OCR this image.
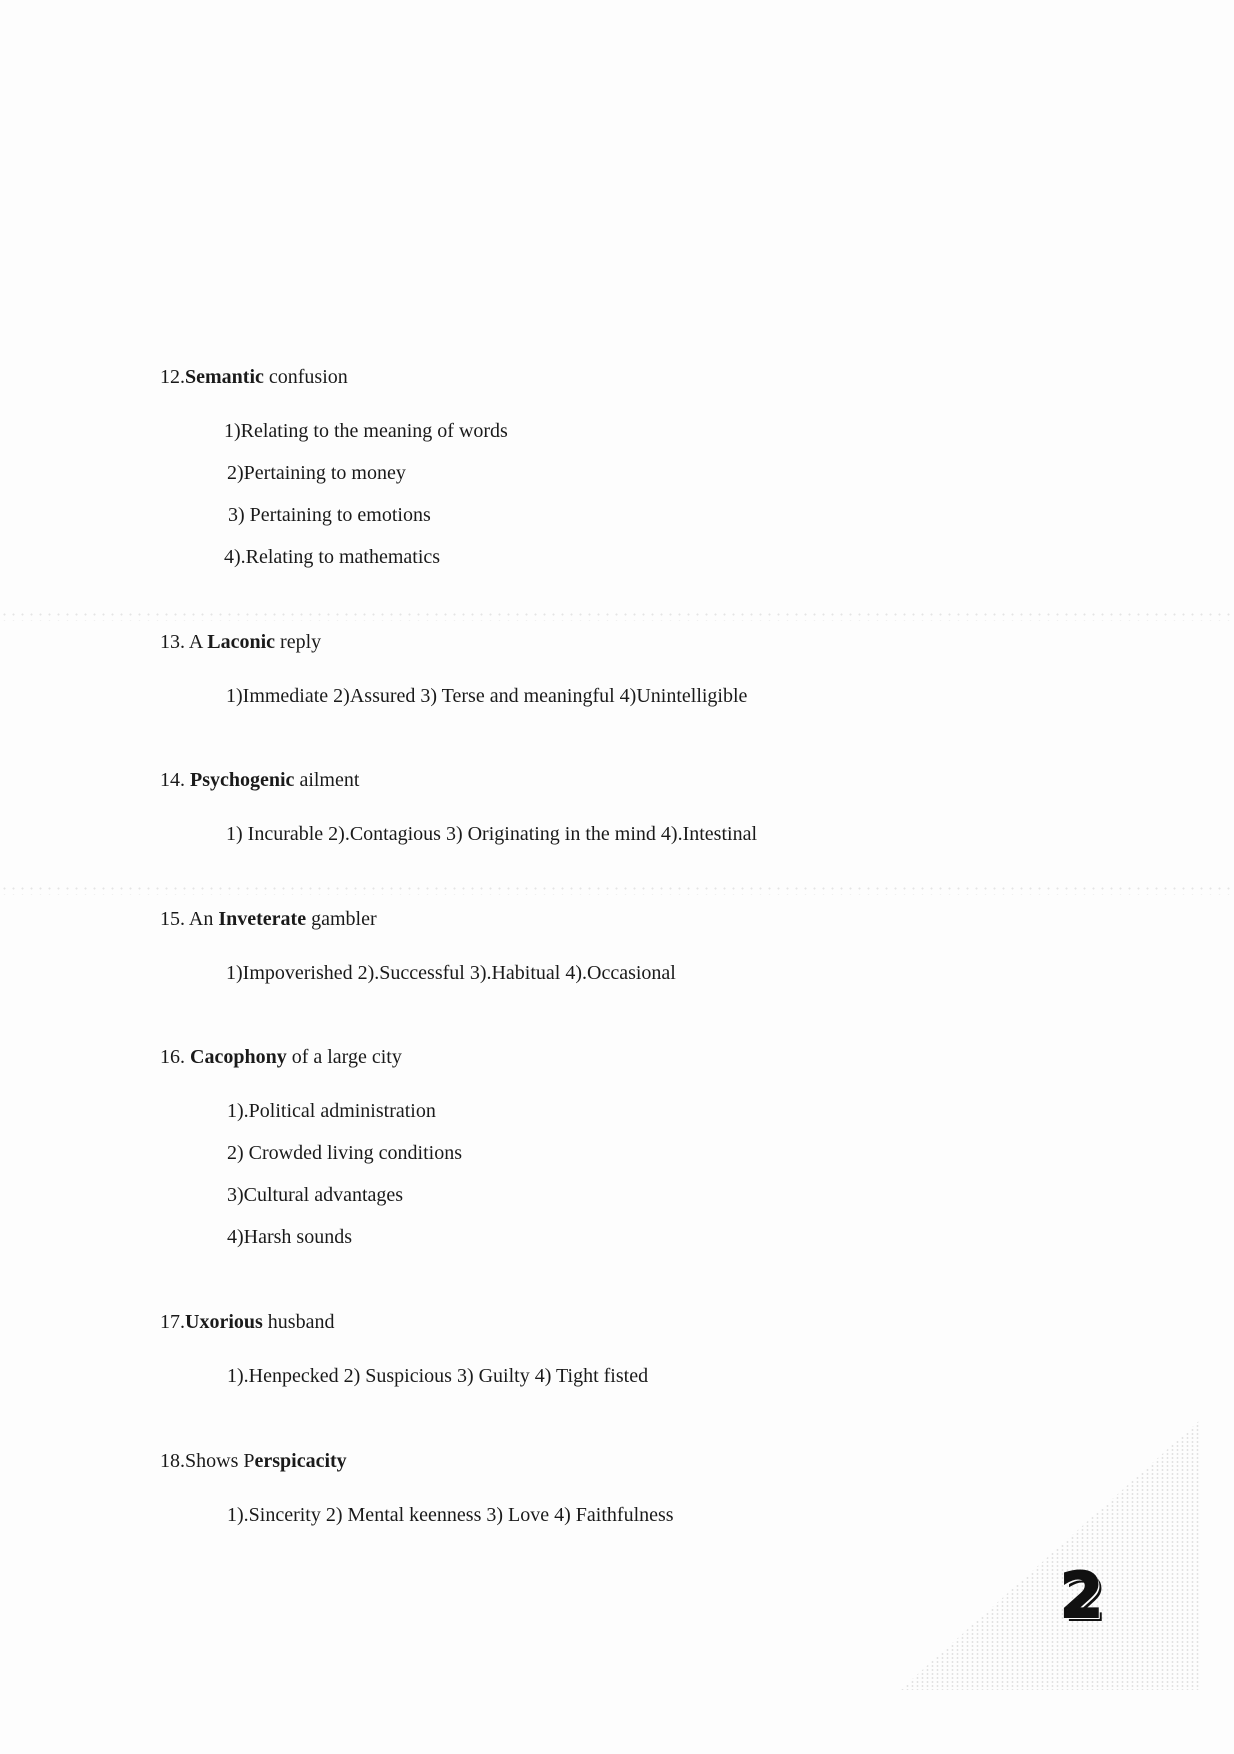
12.Semantic confusion
1)Relating to the meaning of words
2)Pertaining to money
3) Pertaining to emotions
4).Relating to mathematics
13. A Laconic reply
1)Immediate 2)Assured 3) Terse and meaningful 4)Unintelligible
14. Psychogenic ailment
1) Incurable 2).Contagious 3) Originating in the mind 4).Intestinal
15. An Inveterate gambler
1)Impoverished 2).Successful 3).Habitual 4).Occasional
16. Cacophony of a large city
1).Political administration
2) Crowded living conditions
3)Cultural advantages
4)Harsh sounds
17.Uxorious husband
1).Henpecked 2) Suspicious 3) Guilty 4) Tight fisted
18.Shows Perspicacity
1).Sincerity 2) Mental keenness 3) Love 4) Faithfulness
2
